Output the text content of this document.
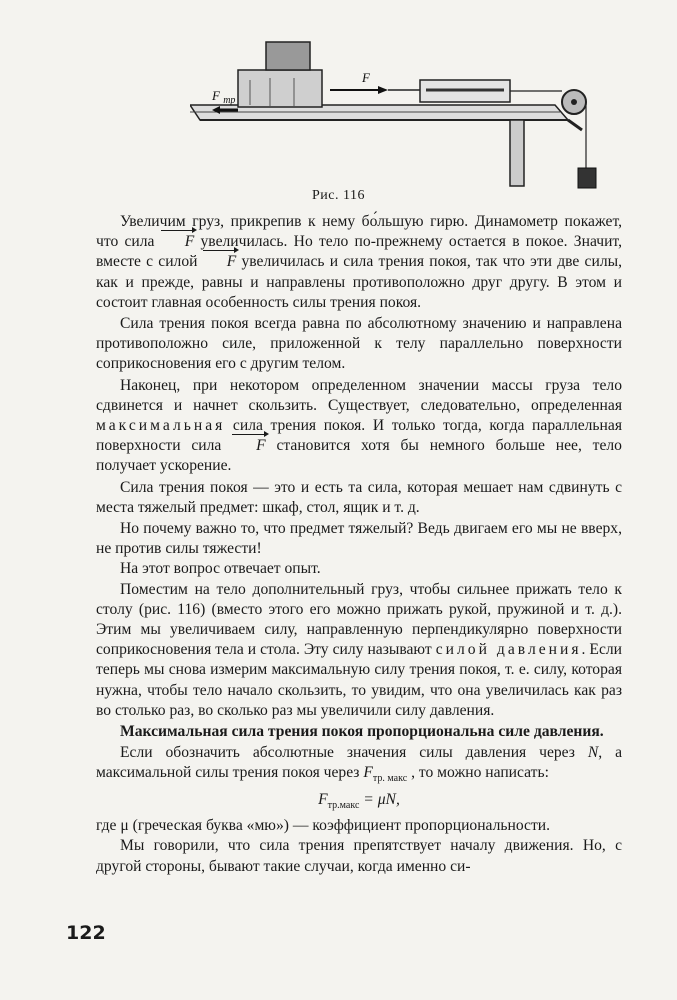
F $_{тр}$
F
Рис. 116

Увеличим груз, прикрепив к нему бо́льшую гирю. Динамометр покажет, что сила F увеличилась. Но тело по-прежнему остается в покое. Значит, вместе с силой F увеличилась и сила трения покоя, так что эти две силы, как и прежде, равны и направлены противоположно друг другу. В этом и состоит главная особенность силы трения покоя.

Сила трения покоя всегда равна по абсолютному значению и направлена противоположно силе, приложенной к телу параллельно поверхности соприкосновения его с другим телом.

Наконец, при некотором определенном значении массы груза тело сдвинется и начнет скользить. Существует, следовательно, определенная максимальная сила трения покоя. И только тогда, когда параллельная поверхности сила F становится хотя бы немного больше нее, тело получает ускорение.

Сила трения покоя — это и есть та сила, которая мешает нам сдвинуть с места тяжелый предмет: шкаф, стол, ящик и т. д.

Но почему важно то, что предмет тяжелый? Ведь двигаем его мы не вверх, не против силы тяжести!

На этот вопрос отвечает опыт.

Поместим на тело дополнительный груз, чтобы сильнее прижать тело к столу (рис. 116) (вместо этого его можно прижать рукой, пружиной и т. д.). Этим мы увеличиваем силу, направленную перпендикулярно поверхности соприкосновения тела и стола. Эту силу называют силой давления. Если теперь мы снова измерим максимальную силу трения покоя, т. е. силу, которая нужна, чтобы тело начало скользить, то увидим, что она увеличилась как раз во столько раз, во сколько раз мы увеличили силу давления.

Максимальная сила трения покоя пропорциональна силе давления.

Если обозначить абсолютные значения силы давления через N, а максимальной силы трения покоя через $F_{тр. макс}$ , то можно написать:

$F_{тр.макс} = \mu N$,

где μ (греческая буква «мю») — коэффициент пропорциональности.

Мы говорили, что сила трения препятствует началу движения. Но, с другой стороны, бывают такие случаи, когда именно си-

122
